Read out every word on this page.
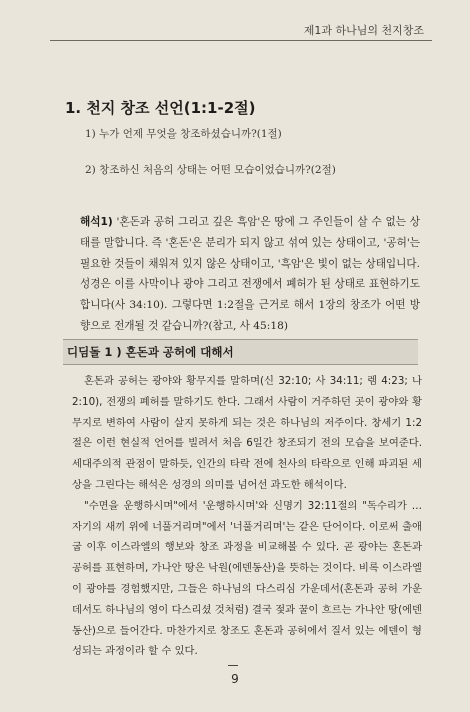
제1과 하나님의 천지창조
1. 천지 창조 선언(1:1-2절)
1) 누가 언제 무엇을 창조하셨습니까?(1절)
2) 창조하신 처음의 상태는 어떤 모습이었습니까?(2절)

해석1) '혼돈과 공허 그리고 깊은 흑암'은 땅에 그 주인들이 살 수 없는 상태를 말합니다. 즉 '혼돈'은 분리가 되지 않고 섞여 있는 상태이고, '공허'는 필요한 것들이 채워져 있지 않은 상태이고, '흑암'은 빛이 없는 상태입니다. 성경은 이를 사막이나 광야 그리고 전쟁에서 폐허가 된 상태로 표현하기도 합니다(사 34:10). 그렇다면 1:2절을 근거로 해서 1장의 창조가 어떤 방향으로 전개될 것 같습니까?(참고, 사 45:18)

디딤돌 1 ) 혼돈과 공허에 대해서

혼돈과 공허는 광야와 황무지를 말하며(신 32:10; 사 34:11; 렘 4:23; 나 2:10), 전쟁의 폐허를 말하기도 한다. 그래서 사람이 거주하던 곳이 광야와 황무지로 변하여 사람이 살지 못하게 되는 것은 하나님의 저주이다. 창세기 1:2절은 이런 현실적 언어를 빌려서 처음 6일간 창조되기 전의 모습을 보여준다. 세대주의적 관점이 말하듯, 인간의 타락 전에 천사의 타락으로 인해 파괴된 세상을 그린다는 해석은 성경의 의미를 넘어선 과도한 해석이다.

"수면을 운행하시며"에서 '운행하시며'와 신명기 32:11절의 "독수리가 … 자기의 새끼 위에 너풀거리며"에서 '너풀거리며'는 같은 단어이다. 이로써 출애굽 이후 이스라엘의 행보와 창조 과정을 비교해볼 수 있다. 곧 광야는 혼돈과 공허를 표현하며, 가나안 땅은 낙원(에덴동산)을 뜻하는 것이다. 비록 이스라엘이 광야를 경험했지만, 그들은 하나님의 다스리심 가운데서(혼돈과 공허 가운데서도 하나님의 영이 다스리셨 것처럼) 결국 젖과 꿀이 흐르는 가나안 땅(에덴동산)으로 들어간다. 마찬가지로 창조도 혼돈과 공허에서 질서 있는 에덴이 형성되는 과정이라 할 수 있다.

9
